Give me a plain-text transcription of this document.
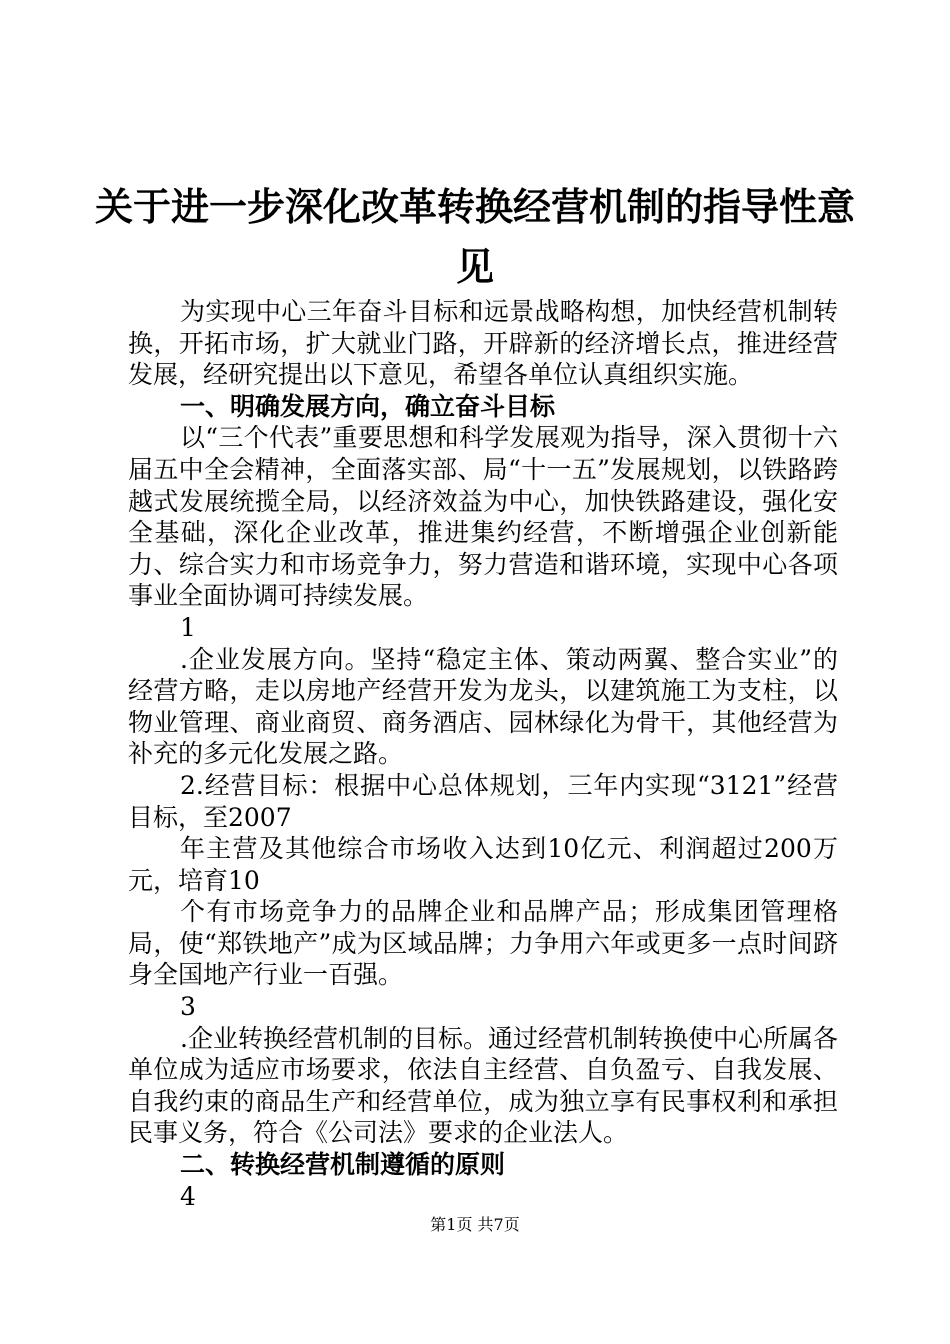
关于进一步深化改革转换经营机制的指导性意
见

为实现中心三年奋斗目标和远景战略构想，加快经营机制转换，开拓市场，扩大就业门路，开辟新的经济增长点，推进经营发展，经研究提出以下意见，希望各单位认真组织实施。

一、明确发展方向，确立奋斗目标

以“三个代表”重要思想和科学发展观为指导，深入贯彻十六届五中全会精神，全面落实部、局“十一五”发展规划，以铁路跨越式发展统揽全局，以经济效益为中心，加快铁路建设，强化安全基础，深化企业改革，推进集约经营，不断增强企业创新能力、综合实力和市场竞争力，努力营造和谐环境，实现中心各项事业全面协调可持续发展。

1

.企业发展方向。坚持“稳定主体、策动两翼、整合实业”的经营方略，走以房地产经营开发为龙头，以建筑施工为支柱，以物业管理、商业商贸、商务酒店、园林绿化为骨干，其他经营为补充的多元化发展之路。

2.经营目标：根据中心总体规划，三年内实现“3121”经营目标，至2007

年主营及其他综合市场收入达到10亿元、利润超过200万元，培育10

个有市场竞争力的品牌企业和品牌产品；形成集团管理格局，使“郑铁地产”成为区域品牌；力争用六年或更多一点时间跻身全国地产行业一百强。

3

.企业转换经营机制的目标。通过经营机制转换使中心所属各单位成为适应市场要求，依法自主经营、自负盈亏、自我发展、自我约束的商品生产和经营单位，成为独立享有民事权利和承担民事义务，符合《公司法》要求的企业法人。

二、转换经营机制遵循的原则

4

第1页 共7页
